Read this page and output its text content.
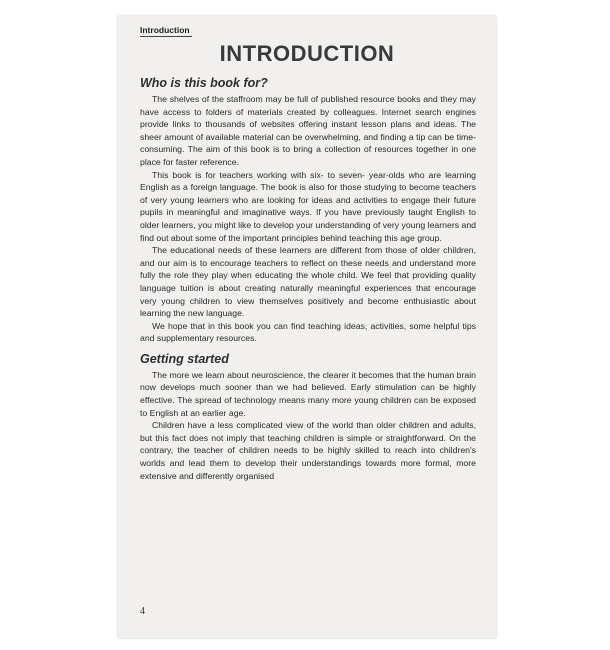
Introduction
INTRODUCTION
Who is this book for?

The shelves of the staffroom may be full of published resource books and they may have access to folders of materials created by colleagues. Internet search engines provide links to thousands of websites offering instant lesson plans and ideas. The sheer amount of available material can be overwhelming, and finding a tip can be time-consuming. The aim of this book is to bring a collection of resources together in one place for faster reference.

This book is for teachers working with six- to seven- year-olds who are learning English as a foreign language. The book is also for those studying to become teachers of very young learners who are looking for ideas and activities to engage their future pupils in meaningful and imaginative ways. If you have previously taught English to older learners, you might like to develop your understanding of very young learners and find out about some of the important principles behind teaching this age group.

The educational needs of these learners are different from those of older children, and our aim is to encourage teachers to reflect on these needs and understand more fully the role they play when educating the whole child. We feel that providing quality language tuition is about creating naturally meaningful experiences that encourage very young children to view themselves positively and become enthusiastic about learning the new language.

We hope that in this book you can find teaching ideas, activities, some helpful tips and supplementary resources.

Getting started

The more we learn about neuroscience, the clearer it becomes that the human brain now develops much sooner than we had believed. Early stimulation can be highly effective. The spread of technology means many more young children can be exposed to English at an earlier age.

Children have a less complicated view of the world than older children and adults, but this fact does not imply that teaching children is simple or straightforward. On the contrary, the teacher of children needs to be highly skilled to reach into children's worlds and lead them to develop their understandings towards more formal, more extensive and differently organised

4
